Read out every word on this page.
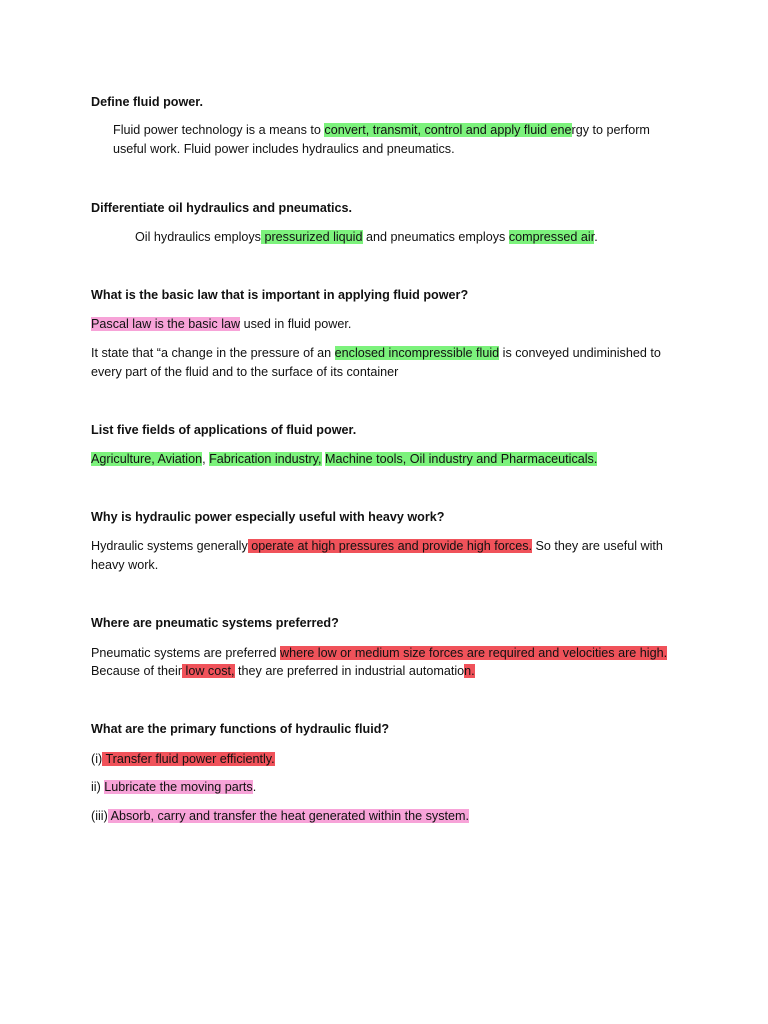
Define fluid power.

Fluid power technology is a means to convert, transmit, control and apply fluid energy to perform

useful work. Fluid power includes hydraulics and pneumatics.

Differentiate oil hydraulics and pneumatics.

Oil hydraulics employs pressurized liquid and pneumatics employs compressed air.

What is the basic law that is important in applying fluid power?

Pascal law is the basic law used in fluid power.

It state that “a change in the pressure of an enclosed incompressible fluid is conveyed undiminished to

every part of the fluid and to the surface of its container

List five fields of applications of fluid power.

Agriculture, Aviation, Fabrication industry, Machine tools, Oil industry and Pharmaceuticals.

Why is hydraulic power especially useful with heavy work?

Hydraulic systems generally operate at high pressures and provide high forces. So they are useful with

heavy work.

Where are pneumatic systems preferred?

Pneumatic systems are preferred where low or medium size forces are required and velocities are high.

Because of their low cost, they are preferred in industrial automation.

What are the primary functions of hydraulic fluid?

(i) Transfer fluid power efficiently.

ii) Lubricate the moving parts.

(iii) Absorb, carry and transfer the heat generated within the system.
